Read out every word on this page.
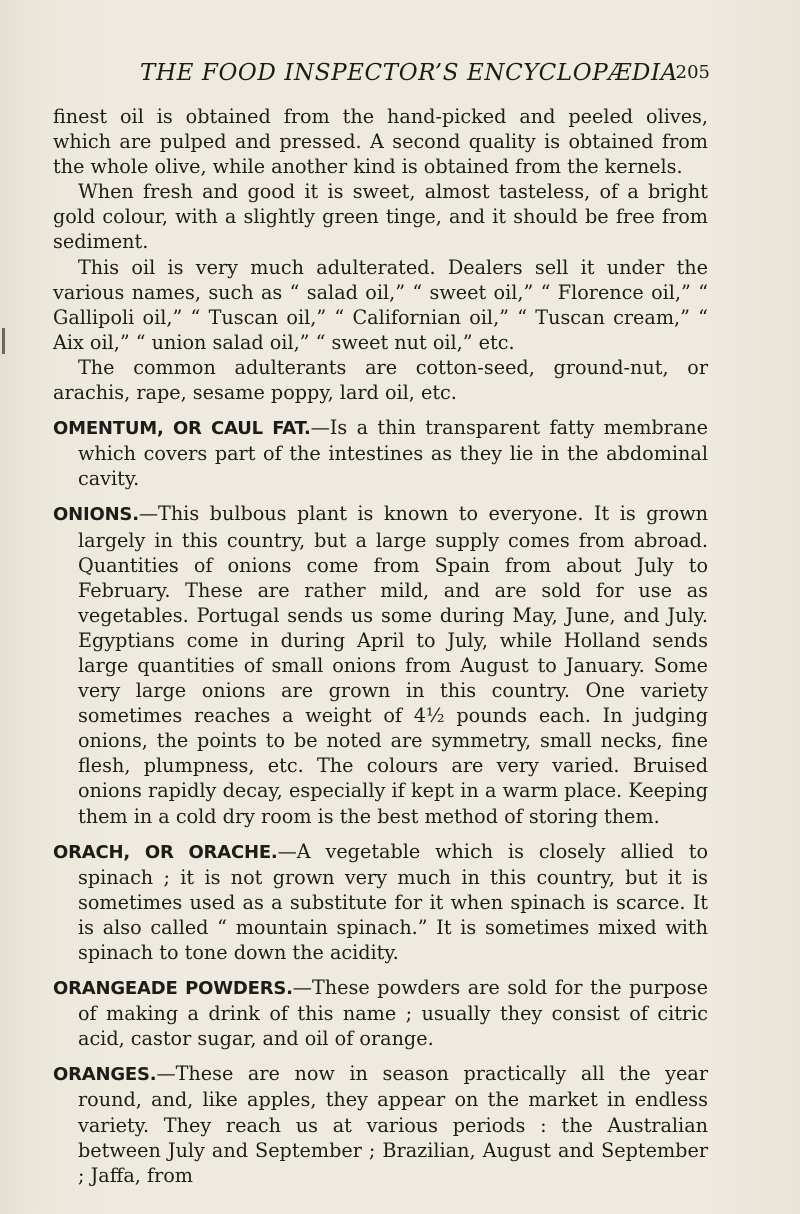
THE FOOD INSPECTOR’S ENCYCLOPÆDIA
205

finest oil is obtained from the hand-picked and peeled olives, which are pulped and pressed. A second quality is obtained from the whole olive, while another kind is obtained from the kernels.

When fresh and good it is sweet, almost tasteless, of a bright gold colour, with a slightly green tinge, and it should be free from sediment.

This oil is very much adulterated. Dealers sell it under the various names, such as “ salad oil,” “ sweet oil,” “ Florence oil,” “ Gallipoli oil,” “ Tuscan oil,” “ Californian oil,” “ Tuscan cream,” “ Aix oil,” “ union salad oil,” “ sweet nut oil,” etc.

The common adulterants are cotton-seed, ground-nut, or arachis, rape, sesame poppy, lard oil, etc.

OMENTUM, OR CAUL FAT.—Is a thin transparent fatty membrane which covers part of the intestines as they lie in the abdominal cavity.

ONIONS.—This bulbous plant is known to everyone. It is grown largely in this country, but a large supply comes from abroad. Quantities of onions come from Spain from about July to February. These are rather mild, and are sold for use as vegetables. Portugal sends us some during May, June, and July. Egyptians come in during April to July, while Holland sends large quantities of small onions from August to January. Some very large onions are grown in this country. One variety sometimes reaches a weight of 4½ pounds each. In judging onions, the points to be noted are symmetry, small necks, fine flesh, plumpness, etc. The colours are very varied. Bruised onions rapidly decay, especially if kept in a warm place. Keeping them in a cold dry room is the best method of storing them.

ORACH, OR ORACHE.—A vegetable which is closely allied to spinach ; it is not grown very much in this country, but it is sometimes used as a substitute for it when spinach is scarce. It is also called “ mountain spinach.” It is sometimes mixed with spinach to tone down the acidity.

ORANGEADE POWDERS.—These powders are sold for the purpose of making a drink of this name ; usually they consist of citric acid, castor sugar, and oil of orange.

ORANGES.—These are now in season practically all the year round, and, like apples, they appear on the market in endless variety. They reach us at various periods : the Australian between July and September ; Brazilian, August and September ; Jaffa, from
